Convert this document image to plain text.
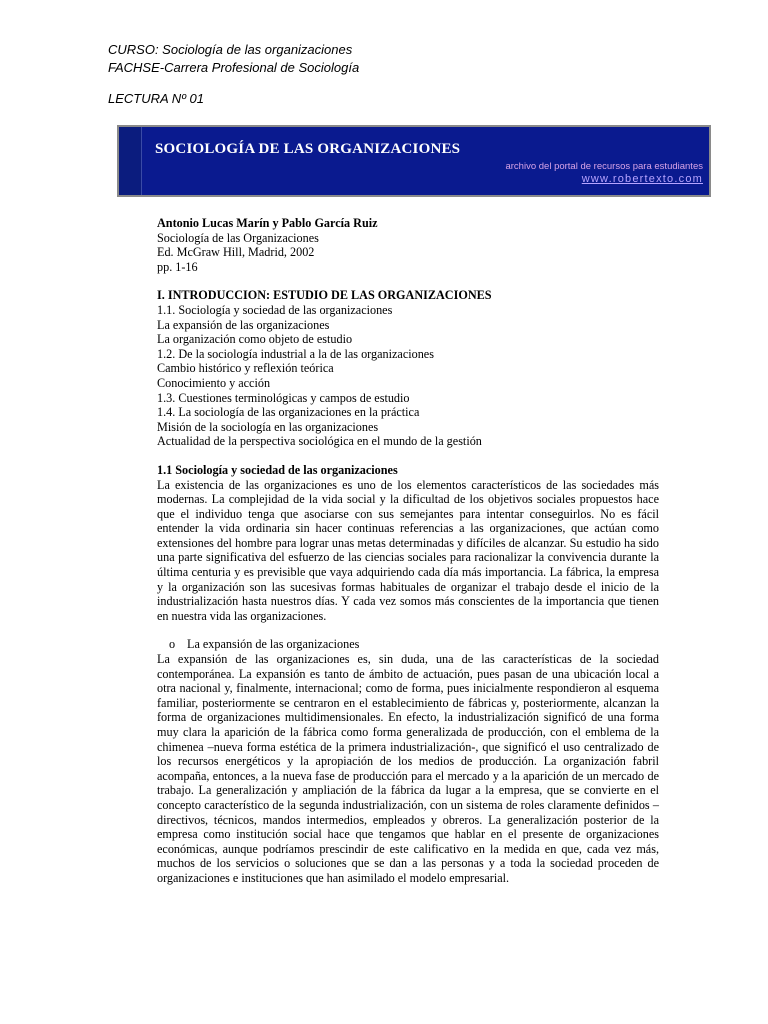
CURSO: Sociología de las organizaciones
FACHSE-Carrera Profesional de Sociología
LECTURA Nº 01
SOCIOLOGÍA DE LAS ORGANIZACIONES
archivo del portal de recursos para estudiantes
www.robertexto.com

Antonio Lucas Marín y Pablo García Ruiz

Sociología de las Organizaciones

Ed. McGraw Hill, Madrid, 2002

pp. 1-16

I. INTRODUCCION: ESTUDIO DE LAS ORGANIZACIONES

1.1. Sociología y sociedad de las organizaciones

La expansión de las organizaciones

La organización como objeto de estudio

1.2. De la sociología industrial a la de las organizaciones

Cambio histórico y reflexión teórica

Conocimiento y acción

1.3. Cuestiones terminológicas y campos de estudio

1.4. La sociología de las organizaciones en la práctica

Misión de la sociología en las organizaciones

Actualidad de la perspectiva sociológica en el mundo de la gestión

1.1 Sociología y sociedad de las organizaciones

La existencia de las organizaciones es uno de los elementos característicos de las sociedades más modernas. La complejidad de la vida social y la dificultad de los objetivos sociales propuestos hace que el individuo tenga que asociarse con sus semejantes para intentar conseguirlos. No es fácil entender la vida ordinaria sin hacer continuas referencias a las organizaciones, que actúan como extensiones del hombre para lograr unas metas determinadas y difíciles de alcanzar. Su estudio ha sido una parte significativa del esfuerzo de las ciencias sociales para racionalizar la convivencia durante la última centuria y es previsible que vaya adquiriendo cada día más importancia. La fábrica, la empresa y la organización son las sucesivas formas habituales de organizar el trabajo desde el inicio de la industrialización hasta nuestros días. Y cada vez somos más conscientes de la importancia que tienen en nuestra vida las organizaciones.

o La expansión de las organizaciones

La expansión de las organizaciones es, sin duda, una de las características de la sociedad contemporánea. La expansión es tanto de ámbito de actuación, pues pasan de una ubicación local a otra nacional y, finalmente, internacional; como de forma, pues inicialmente respondieron al esquema familiar, posteriormente se centraron en el establecimiento de fábricas y, posteriormente, alcanzan la forma de organizaciones multidimensionales. En efecto, la industrialización significó de una forma muy clara la aparición de la fábrica como forma generalizada de producción, con el emblema de la chimenea –nueva forma estética de la primera industrialización-, que significó el uso centralizado de los recursos energéticos y la apropiación de los medios de producción. La organización fabril acompaña, entonces, a la nueva fase de producción para el mercado y a la aparición de un mercado de trabajo. La generalización y ampliación de la fábrica da lugar a la empresa, que se convierte en el concepto característico de la segunda industrialización, con un sistema de roles claramente definidos –directivos, técnicos, mandos intermedios, empleados y obreros. La generalización posterior de la empresa como institución social hace que tengamos que hablar en el presente de organizaciones económicas, aunque podríamos prescindir de este calificativo en la medida en que, cada vez más, muchos de los servicios o soluciones que se dan a las personas y a toda la sociedad proceden de organizaciones e instituciones que han asimilado el modelo empresarial.
